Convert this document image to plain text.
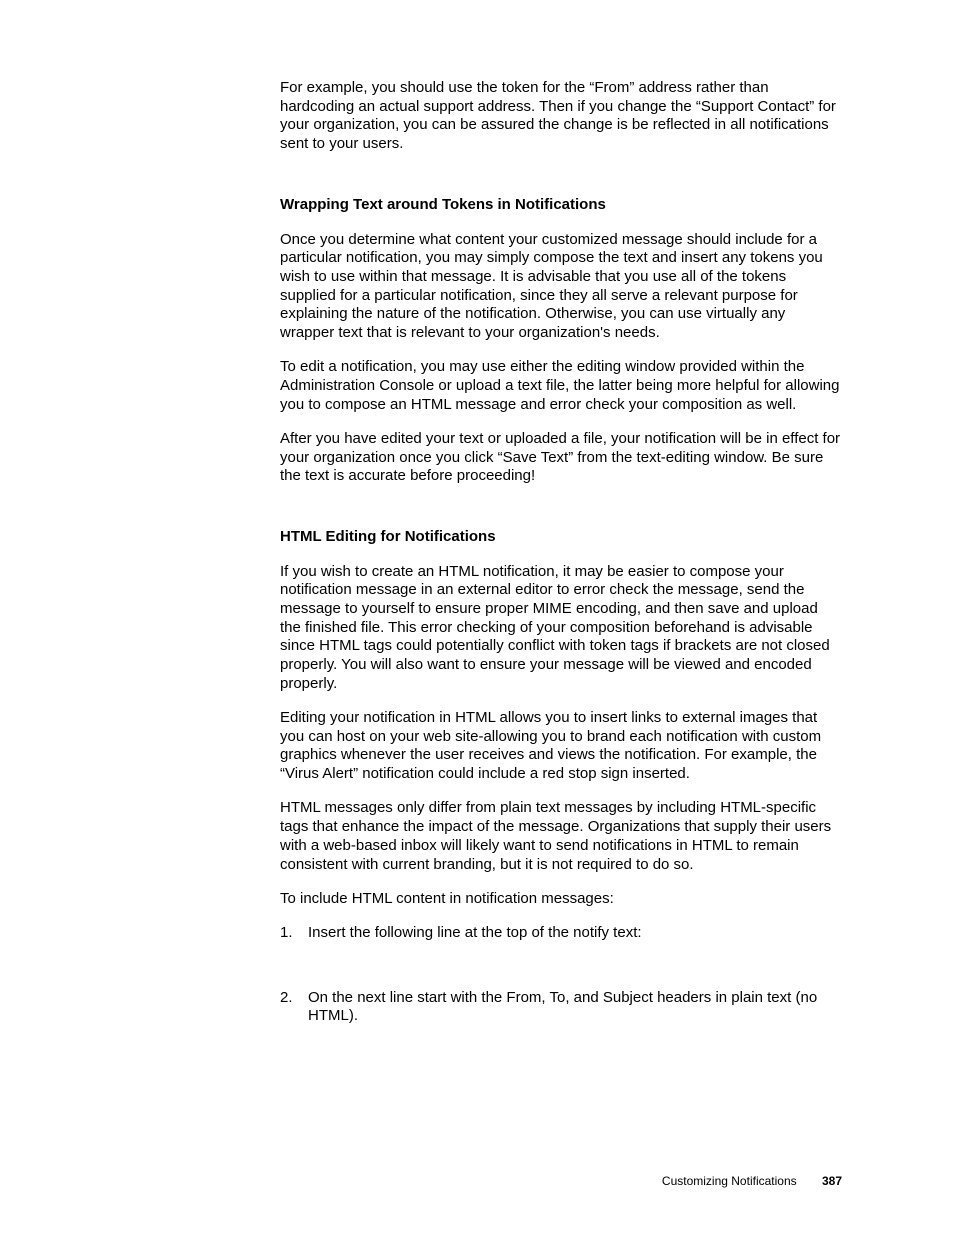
For example, you should use the token for the “From” address rather than hardcoding an actual support address. Then if you change the “Support Contact” for your organization, you can be assured the change is be reflected in all notifications sent to your users.

Wrapping Text around Tokens in Notifications

Once you determine what content your customized message should include for a particular notification, you may simply compose the text and insert any tokens you wish to use within that message. It is advisable that you use all of the tokens supplied for a particular notification, since they all serve a relevant purpose for explaining the nature of the notification. Otherwise, you can use virtually any wrapper text that is relevant to your organization's needs.

To edit a notification, you may use either the editing window provided within the Administration Console or upload a text file, the latter being more helpful for allowing you to compose an HTML message and error check your composition as well.

After you have edited your text or uploaded a file, your notification will be in effect for your organization once you click “Save Text” from the text-editing window. Be sure the text is accurate before proceeding!

HTML Editing for Notifications

If you wish to create an HTML notification, it may be easier to compose your notification message in an external editor to error check the message, send the message to yourself to ensure proper MIME encoding, and then save and upload the finished file. This error checking of your composition beforehand is advisable since HTML tags could potentially conflict with token tags if brackets are not closed properly. You will also want to ensure your message will be viewed and encoded properly.

Editing your notification in HTML allows you to insert links to external images that you can host on your web site-allowing you to brand each notification with custom graphics whenever the user receives and views the notification. For example, the “Virus Alert” notification could include a red stop sign inserted.

HTML messages only differ from plain text messages by including HTML-specific tags that enhance the impact of the message. Organizations that supply their users with a web-based inbox will likely want to send notifications in HTML to remain consistent with current branding, but it is not required to do so.

To include HTML content in notification messages:

1.	Insert the following line at the top of the notify text:
2.	On the next line start with the From, To, and Subject headers in plain text (no HTML).
Customizing Notifications 387
